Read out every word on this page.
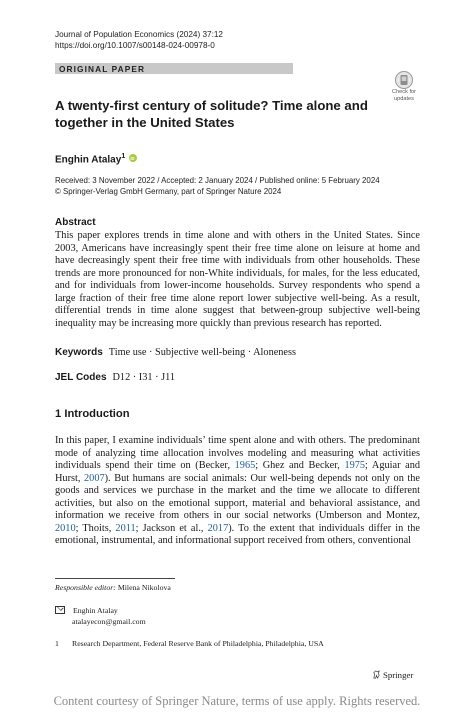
Journal of Population Economics (2024) 37:12
https://doi.org/10.1007/s00148-024-00978-0
ORIGINAL PAPER
Check for
updates
A twenty-first century of solitude? Time alone and together in the United States
Enghin Atalay$^1$ iD
Received: 3 November 2022 / Accepted: 2 January 2024 / Published online: 5 February 2024
© Springer-Verlag GmbH Germany, part of Springer Nature 2024
Abstract
This paper explores trends in time alone and with others in the United States. Since 2003, Americans have increasingly spent their free time alone on leisure at home and have decreasingly spent their free time with individuals from other households. These trends are more pronounced for non-White individuals, for males, for the less educated, and for individuals from lower-income households. Survey respondents who spend a large fraction of their free time alone report lower subjective well-being. As a result, differential trends in time alone suggest that between-group subjective well-being inequality may be increasing more quickly than previous research has reported.
Keywords Time use · Subjective well-being · Aloneness
JEL Codes D12 · I31 · J11
1 Introduction
In this paper, I examine individuals’ time spent alone and with others. The predominant mode of analyzing time allocation involves modeling and measuring what activities individuals spend their time on (Becker, 1965; Ghez and Becker, 1975; Aguiar and Hurst, 2007). But humans are social animals: Our well-being depends not only on the goods and services we purchase in the market and the time we allocate to different activities, but also on the emotional support, material and behavioral assistance, and information we receive from others in our social networks (Umberson and Montez, 2010; Thoits, 2011; Jackson et al., 2017). To the extent that individuals differ in the emotional, instrumental, and informational support received from others, conventional
Responsible editor: Milena Nikolova
Enghin Atalay
atalayecon@gmail.com
1 Research Department, Federal Reserve Bank of Philadelphia, Philadelphia, USA
Springer
Content courtesy of Springer Nature, terms of use apply. Rights reserved.
